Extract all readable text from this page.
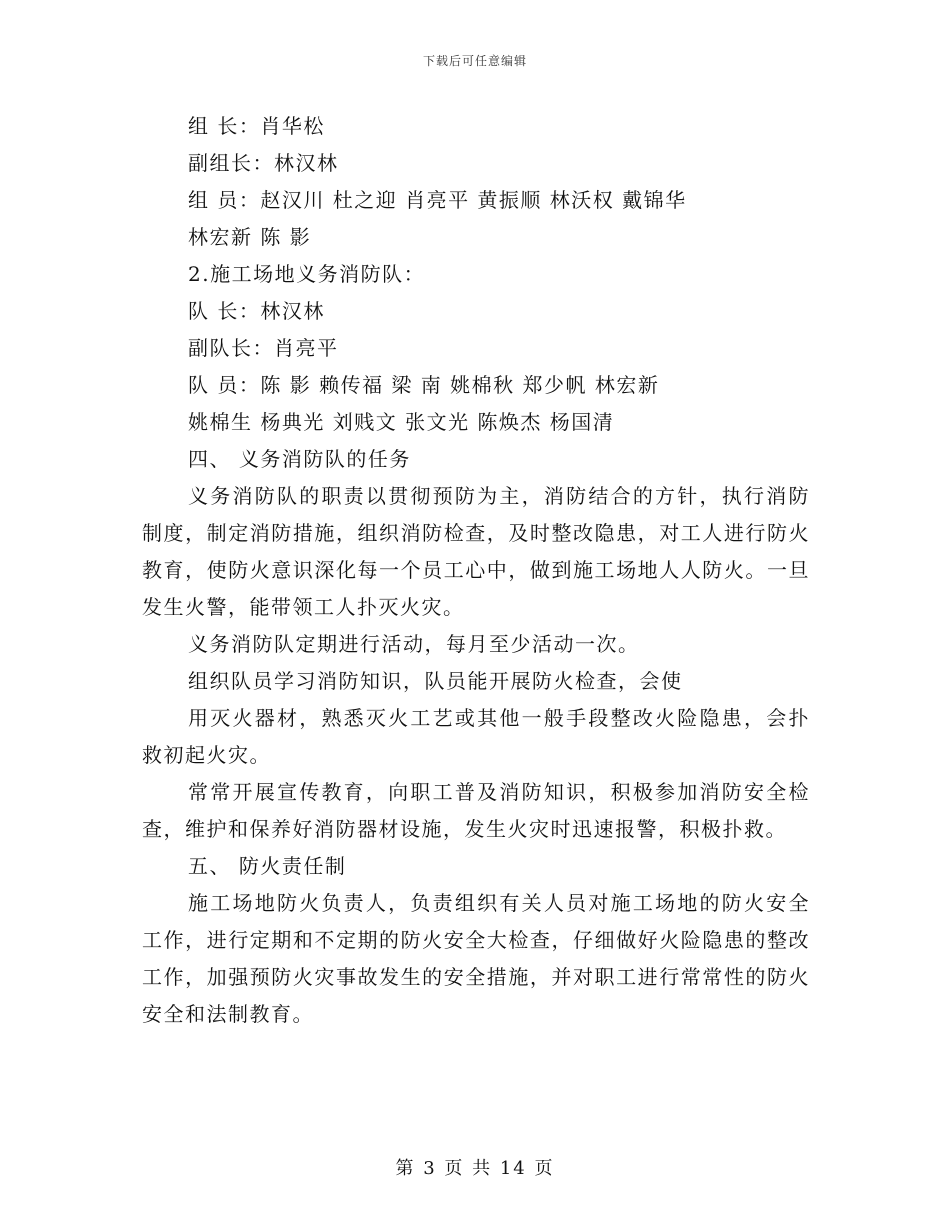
下载后可任意编辑
组 长：肖华松
副组长：林汉林
组 员：赵汉川 杜之迎 肖亮平 黄振顺 林沃权 戴锦华
林宏新 陈 影
2.施工场地义务消防队：
队 长：林汉林
副队长：肖亮平
队 员：陈 影 赖传福 梁 南 姚棉秋 郑少帆 林宏新
姚棉生 杨典光 刘贱文 张文光 陈焕杰 杨国清
四、 义务消防队的任务

义务消防队的职责以贯彻预防为主，消防结合的方针，执行消防制度，制定消防措施，组织消防检查，及时整改隐患，对工人进行防火教育，使防火意识深化每一个员工心中，做到施工场地人人防火。一旦发生火警，能带领工人扑灭火灾。

义务消防队定期进行活动，每月至少活动一次。

组织队员学习消防知识，队员能开展防火检查，会使

用灭火器材，熟悉灭火工艺或其他一般手段整改火险隐患，会扑救初起火灾。

常常开展宣传教育，向职工普及消防知识，积极参加消防安全检查，维护和保养好消防器材设施，发生火灾时迅速报警，积极扑救。

五、 防火责任制

施工场地防火负责人，负责组织有关人员对施工场地的防火安全工作，进行定期和不定期的防火安全大检查，仔细做好火险隐患的整改工作，加强预防火灾事故发生的安全措施，并对职工进行常常性的防火安全和法制教育。

第 3 页 共 14 页
